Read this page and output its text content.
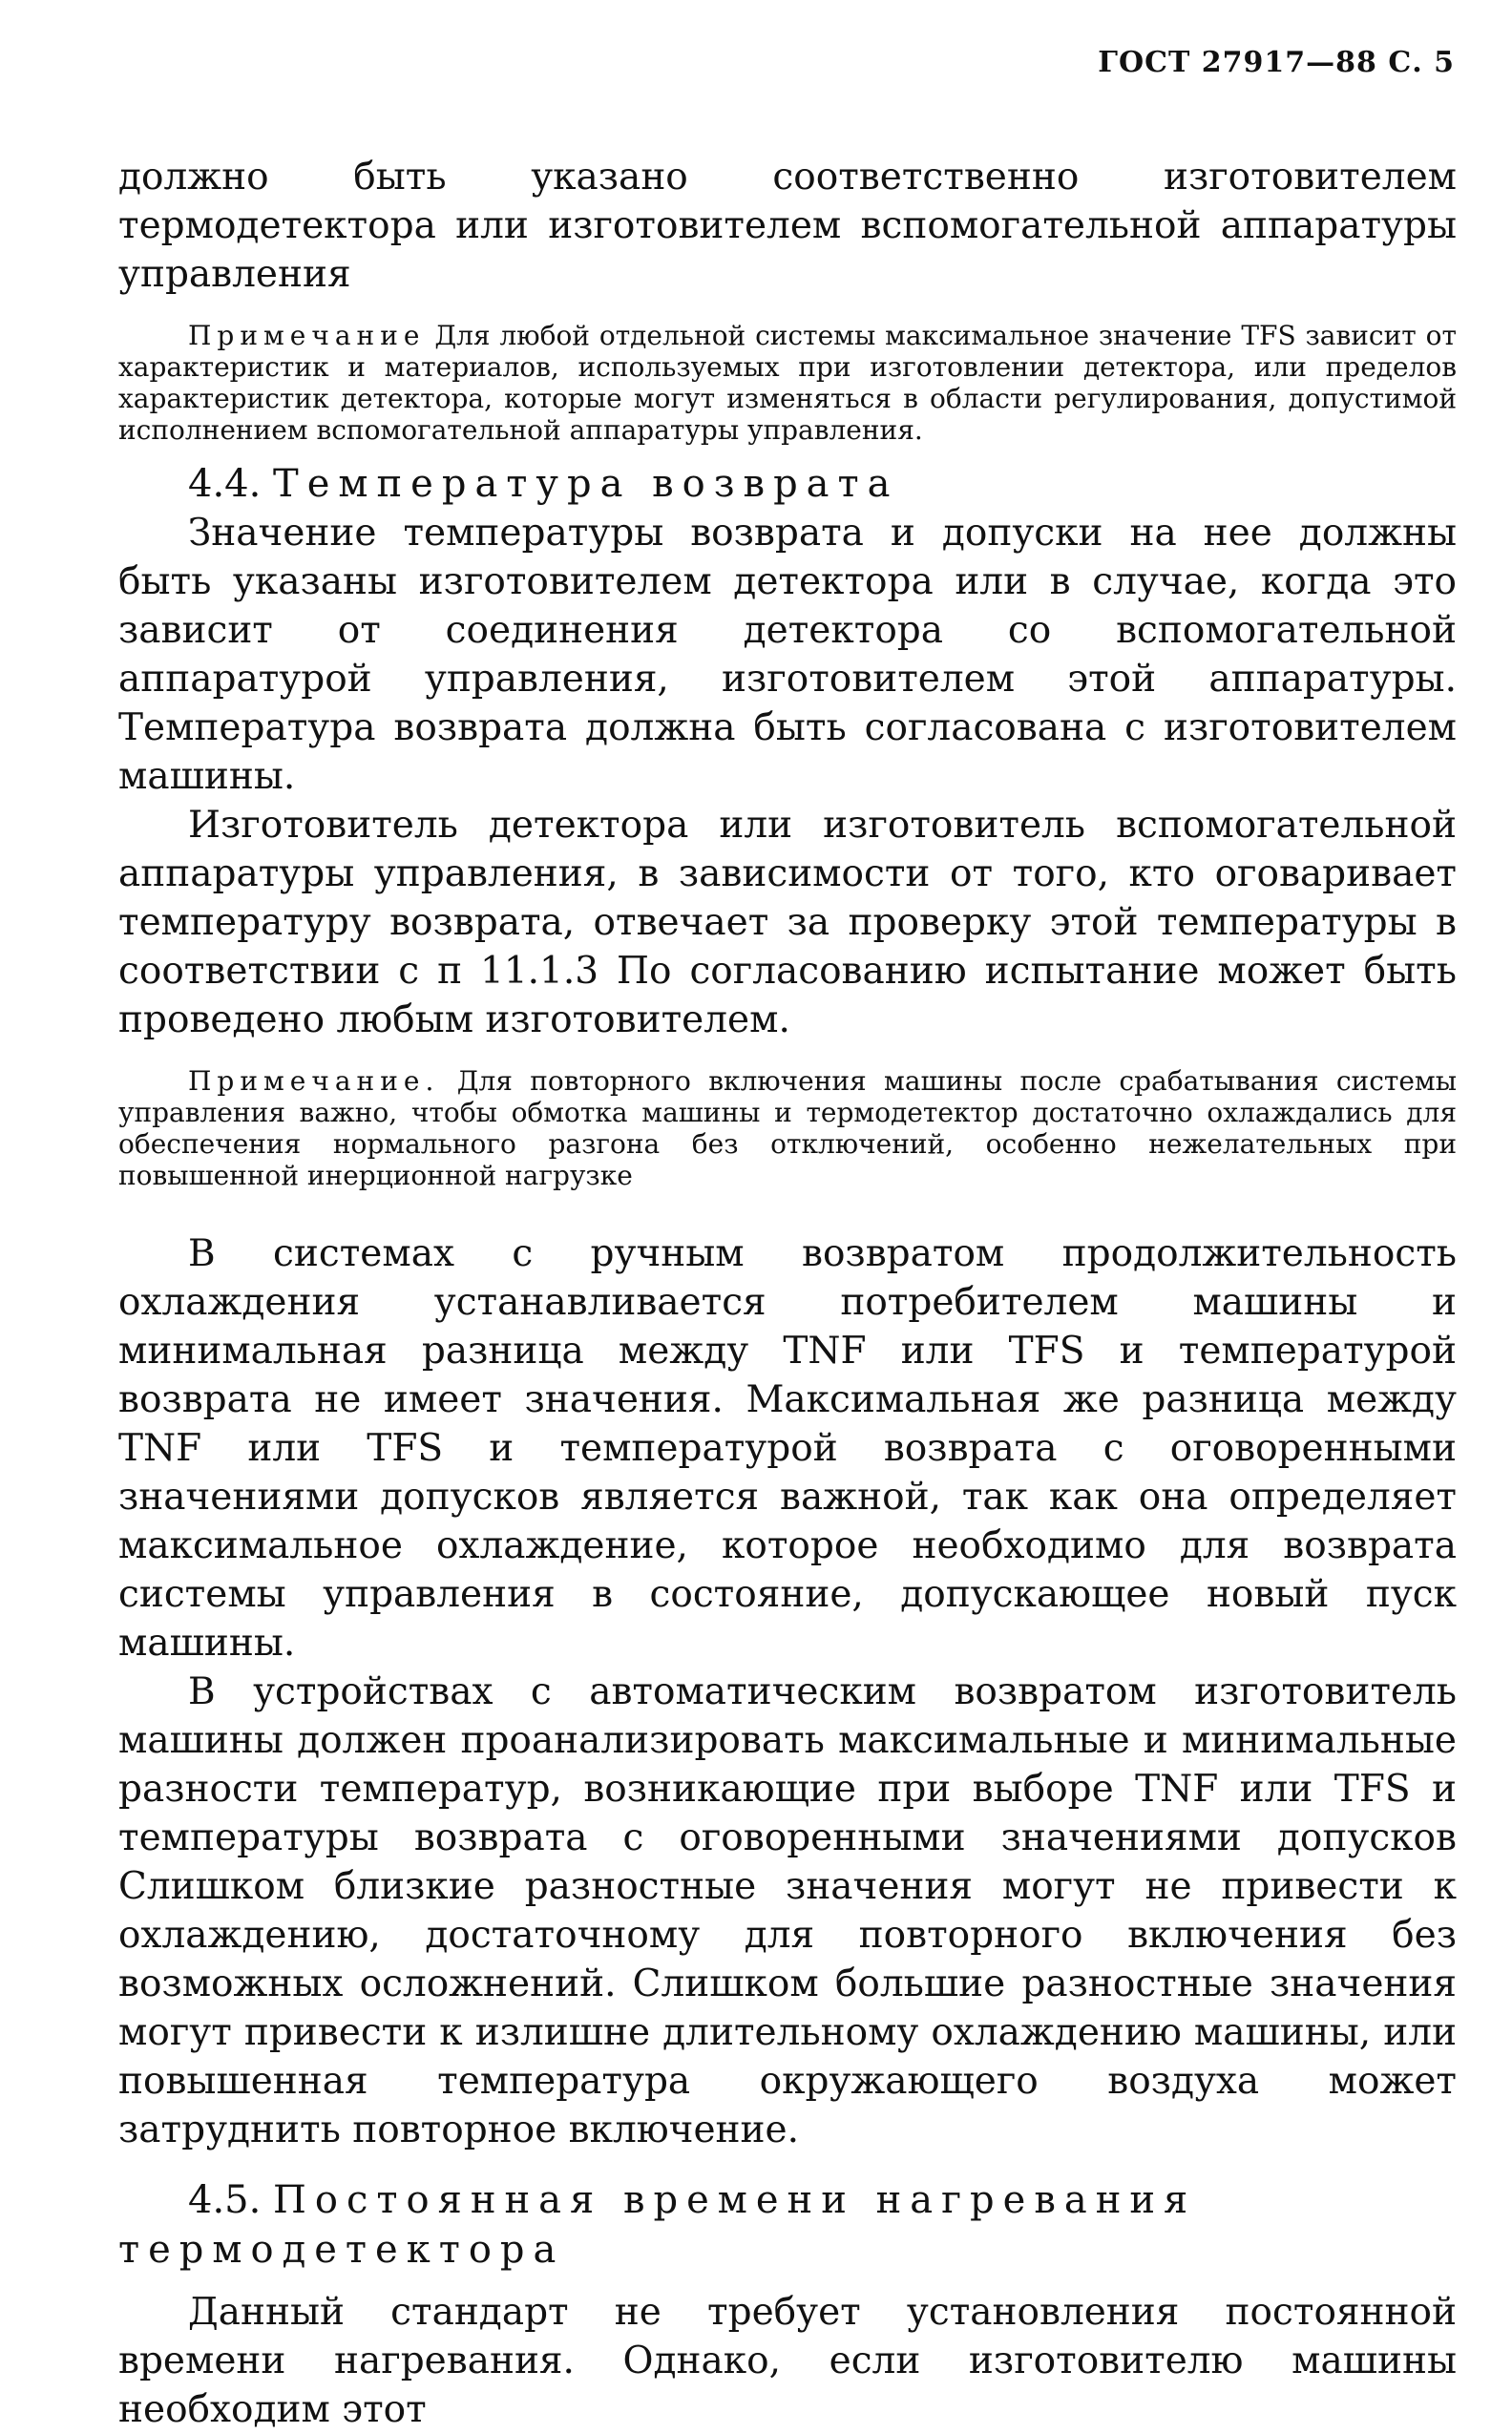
ГОСТ 27917—88 С. 5

должно быть указано соответственно изготовителем термодетектора или изготовителем вспомогательной аппаратуры управления

Примечание Для любой отдельной системы максимальное значение TFS зависит от характеристик и материалов, используемых при изготовлении детектора, или пределов характеристик детектора, которые могут изменяться в области регулирования, допустимой исполнением вспомогательной аппаратуры управления.

4.4. Температура возврата

Значение температуры возврата и допуски на нее должны быть указаны изготовителем детектора или в случае, когда это зависит от соединения детектора со вспомогательной аппаратурой управления, изготовителем этой аппаратуры. Температура возврата должна быть согласована с изготовителем машины.

Изготовитель детектора или изготовитель вспомогательной аппаратуры управления, в зависимости от того, кто оговаривает температуру возврата, отвечает за проверку этой температуры в соответствии с п 11.1.3 По согласованию испытание может быть проведено любым изготовителем.

Примечание. Для повторного включения машины после срабатывания системы управления важно, чтобы обмотка машины и термодетектор достаточно охлаждались для обеспечения нормального разгона без отключений, особенно нежелательных при повышенной инерционной нагрузке

В системах с ручным возвратом продолжительность охлаждения устанавливается потребителем машины и минимальная разница между TNF или TFS и температурой возврата не имеет значения. Максимальная же разница между TNF или TFS и температурой возврата с оговоренными значениями допусков является важной, так как она определяет максимальное охлаждение, которое необходимо для возврата системы управления в состояние, допускающее новый пуск машины.

В устройствах с автоматическим возвратом изготовитель машины должен проанализировать максимальные и минимальные разности температур, возникающие при выборе TNF или TFS и температуры возврата с оговоренными значениями допусков Слишком близкие разностные значения могут не привести к охлаждению, достаточному для повторного включения без возможных осложнений. Слишком большие разностные значения могут привести к излишне длительному охлаждению машины, или повышенная температура окружающего воздуха может затруднить повторное включение.

4.5. Постоянная времени нагревания термодетектора

Данный стандарт не требует установления постоянной времени нагревания. Однако, если изготовителю машины необходим этот
